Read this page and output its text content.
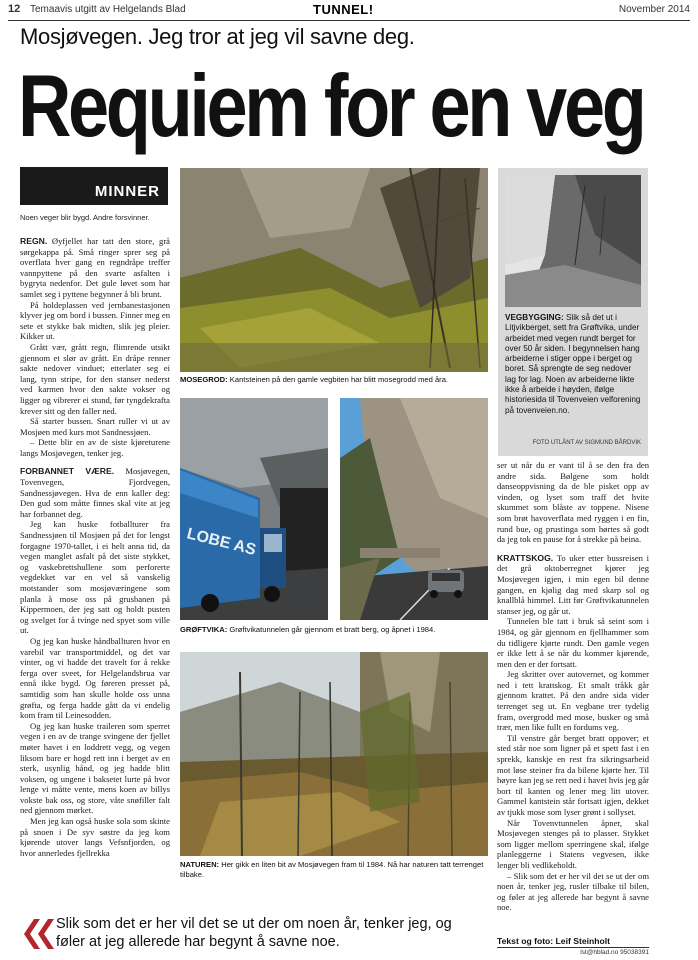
12 Temaavis utgitt av Helgelands Blad	TUNNEL!	November 2014
Mosjøvegen. Jeg tror at jeg vil savne deg.
Requiem for en veg
MINNER
Noen veger blir bygd. Andre forsvinner.

REGN. Øyfjellet har tatt den store, grå sørgekappa på. Små ringer sprer seg på overflata hver gang en regndråpe treffer vannpyttene på den svarte asfalten i bygryta nedenfor. Det gule løvet som har samlet seg i pyttene begynner å bli brunt.

På holdeplassen ved jernbanestasjonen klyver jeg om bord i bussen. Finner meg en sete et stykke bak midten, slik jeg pleier. Kikker ut.

Grått vær, grått regn, flimrende utsikt gjennom et slør av grått. En dråpe renner sakte nedover vinduet; etterlater seg ei lang, tynn stripe, for den stanser nederst ved karmen hvor den sakte vokser og ligger og vibrerer ei stund, før tyngdekrafta krever sitt og den faller ned.

Så starter bussen. Snart ruller vi ut av Mosjøen med kurs mot Sandnessjøen.

– Dette blir en av de siste kjøreturene langs Mosjøvegen, tenker jeg.

FORBANNET VÆRE. Mosjøvegen, Tovenvegen, Fjordvegen, Sandnessjøvegen. Hva de enn kaller deg: Den gud som måtte finnes skal vite at jeg har forbannet deg.

Jeg kan huske fotballturer fra Sandnessjøen til Mosjøen på det for lengst forgagne 1970-tallet, i ei helt anna tid, da vegen manglet asfalt på det siste stykket, og vaskebrettshullene som perforerte vegdekket var en vel så vanskelig motstander som mosjøværingene som planla å mose oss på grusbanen på Kippermoen, der jeg satt og holdt pusten og svelget for å tvinge ned spyet som ville ut.

Og jeg kan huske håndballturen hvor en varebil var transportmiddel, og det var vinter, og vi hadde det travelt for å rekke ferga over sveet, for Helgelandsbrua var ennå ikke bygd. Og føreren presset på, samtidig som han skulle holde oss unna grøfta, og ferga hadde gått da vi endelig kom fram til Leinesodden.

Og jeg kan huske traileren som sperret vegen i en av de trange svingene der fjellet møter havet i en loddrett vegg, og vegen liksom bare er hogd rett inn i berget av en sterk, usynlig hånd, og jeg hadde blitt voksen, og ungene i baksetet lurte på hvor lenge vi måtte vente, mens koen av billys vokste bak oss, og store, våte snøfiller falt ned gjennom mørket.

Men jeg kan også huske sola som skinte på snoen i De syv søstre da jeg kom kjørende utover langs Vefsnfjorden, og hvor annerledes fjellrekka

MOSEGROD: Kantsteinen på den gamle vegbiten har blitt mosegrodd med åra.
LOBE AS
GRØFTVIKA: Grøftvikatunnelen går gjennom et bratt berg, og åpnet i 1984.
NATUREN: Her gikk en liten bit av Mosjøvegen fram til 1984. Nå har naturen tatt terrenget tilbake.
VEGBYGGING: Slik så det ut i Litjvikberget, sett fra Grøftvika, under arbeidet med vegen rundt berget for over 50 år siden. I begynnelsen hang arbeiderne i stiger oppe i berget og boret. Så sprengte de seg nedover lag for lag. Noen av arbeiderne likte ikke å arbeide i høyden, ifølge historiesida til Tovenveien velforening på tovenveien.no.
FOTO UTLÅNT AV SIGMUND BÅRDVIK

ser ut når du er vant til å se den fra den andre sida. Bølgene som holdt danseoppvisning da de ble pisket opp av vinden, og lyset som traff det hvite skummet som blåste av toppene. Nisene som brøt havoverflata med ryggen i en fin, rund bue, og prustinga som hørtes så godt da jeg tok en pause for å strekke på beina.

KRATTSKOG. To uker etter bussreisen i det grå oktoberregnet kjører jeg Mosjøvegen igjen, i min egen bil denne gangen, en kjølig dag med skarp sol og knallblå himmel. Litt før Grøftvikatunnelen stanser jeg, og går ut.

Tunnelen ble tatt i bruk så seint som i 1984, og går gjennom en fjellhammer som du tidligere kjørte rundt. Den gamle vegen er ikke lett å se når du kommer kjørende, men den er der fortsatt.

Jeg skritter over autovernet, og kommer ned i tett krattskog. Et smalt tråkk går gjennom krattet. På den andre sida vider terrenget seg ut. En vegbane trer tydelig fram, overgrodd med mose, busker og små trær, men like fullt en fordums veg.

Til venstre går berget bratt oppover; et sted står noe som ligner på et spett fast i en sprekk, kanskje en rest fra sikringsarbeid mot løse steiner fra da bilene kjørte her. Til høyre kan jeg se rett ned i havet hvis jeg går bort til kanten og lener meg litt utover. Gammel kantstein står fortsatt igjen, dekket av tjukk mose som lyser grønt i sollyset.

Når Tovenvtunnelen åpner, skal Mosjøvegen stenges på to plasser. Stykket som ligger mellom sperringene skal, ifølge planleggerne i Statens vegvesen, ikke lenger bli vedlikeholdt.

– Slik som det er her vil det se ut der om noen år, tenker jeg, rusler tilbake til bilen, og føler at jeg allerede har begynt å savne noe.

Slik som det er her vil det se ut der om noen år, tenker jeg, og føler at jeg allerede har begynt å savne noe.	Tekst og foto: Leif Steinholt
lst@hblad.no 95038391
